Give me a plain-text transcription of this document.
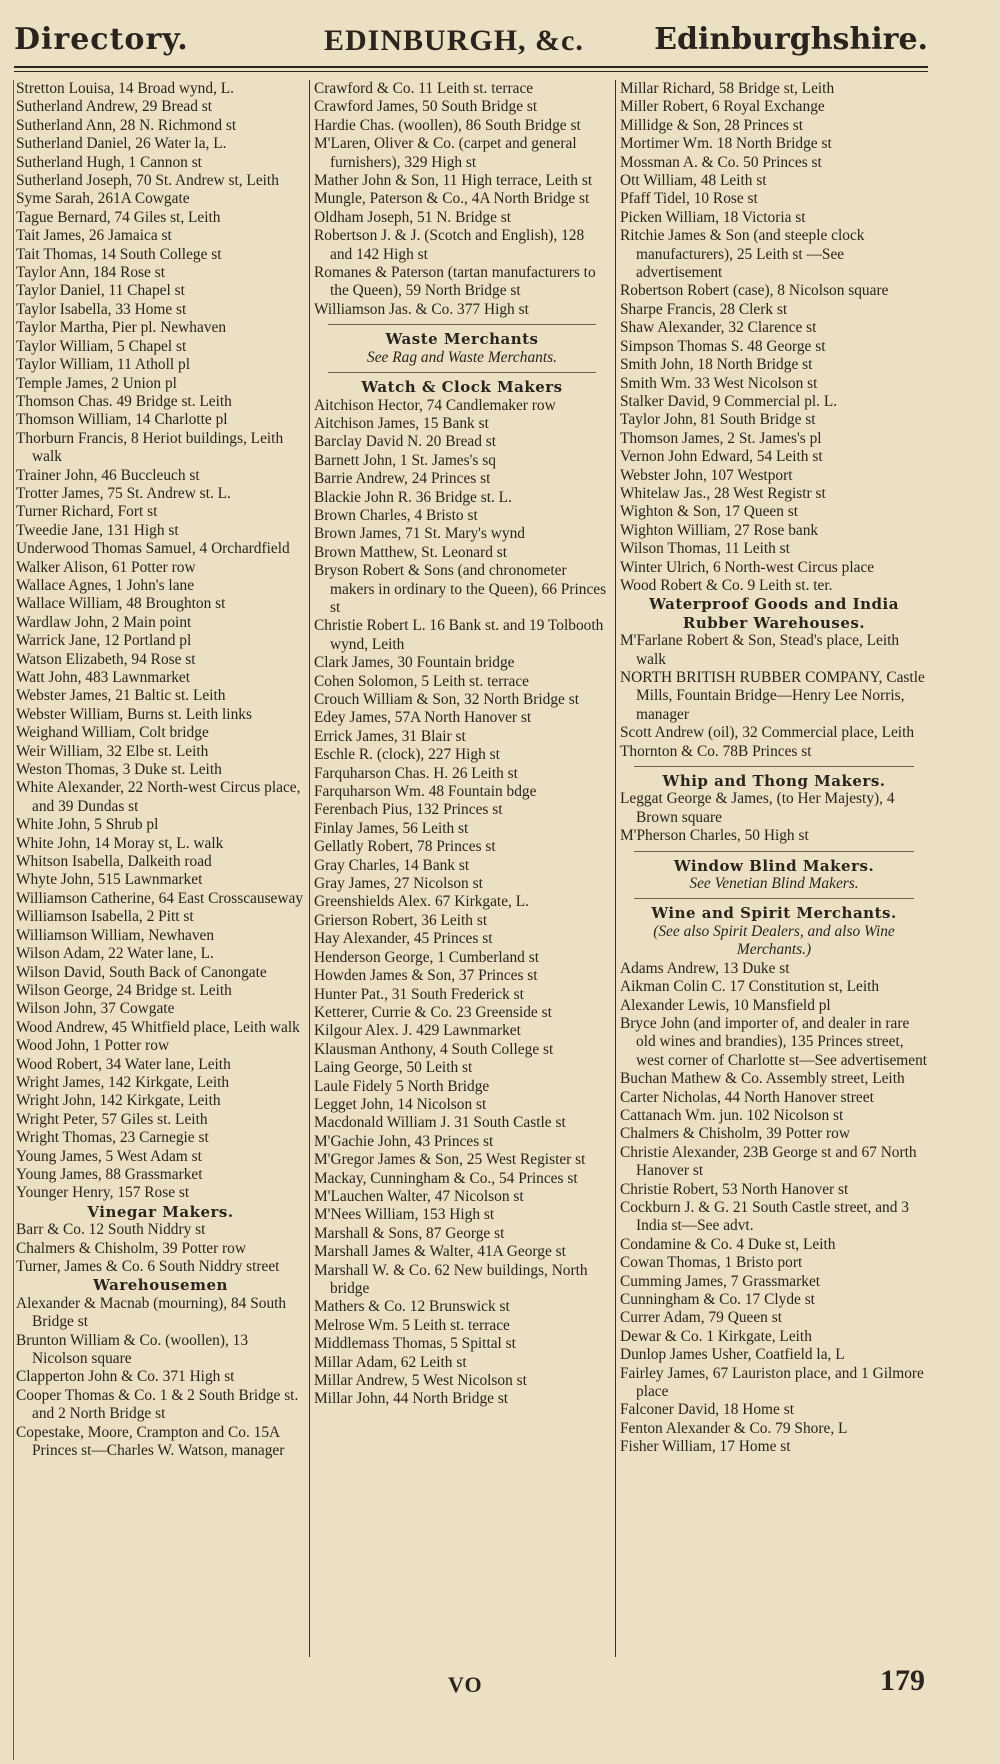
Directory.	EDINBURGH, &c. Edinburghshire.
Stretton Louisa, 14 Broad wynd, L.
Sutherland Andrew, 29 Bread st
Sutherland Ann, 28 N. Richmond st
Sutherland Daniel, 26 Water la, L.
Sutherland Hugh, 1 Cannon st
Sutherland Joseph, 70 St. Andrew st, Leith
Syme Sarah, 261A Cowgate
Tague Bernard, 74 Giles st, Leith
Tait James, 26 Jamaica st
Tait Thomas, 14 South College st
Taylor Ann, 184 Rose st
Taylor Daniel, 11 Chapel st
Taylor Isabella, 33 Home st
Taylor Martha, Pier pl. Newhaven
Taylor William, 5 Chapel st
Taylor William, 11 Atholl pl
Temple James, 2 Union pl
Thomson Chas. 49 Bridge st. Leith
Thomson William, 14 Charlotte pl
Thorburn Francis, 8 Heriot buildings, Leith walk
Trainer John, 46 Buccleuch st
Trotter James, 75 St. Andrew st. L.
Turner Richard, Fort st
Tweedie Jane, 131 High st
Underwood Thomas Samuel, 4 Orchardfield
Walker Alison, 61 Potter row
Wallace Agnes, 1 John's lane
Wallace William, 48 Broughton st
Wardlaw John, 2 Main point
Warrick Jane, 12 Portland pl
Watson Elizabeth, 94 Rose st
Watt John, 483 Lawnmarket
Webster James, 21 Baltic st. Leith
Webster William, Burns st. Leith links
Weighand William, Colt bridge
Weir William, 32 Elbe st. Leith
Weston Thomas, 3 Duke st. Leith
White Alexander, 22 North-west Circus place, and 39 Dundas st
White John, 5 Shrub pl
White John, 14 Moray st, L. walk
Whitson Isabella, Dalkeith road
Whyte John, 515 Lawnmarket
Williamson Catherine, 64 East Crosscauseway
Williamson Isabella, 2 Pitt st
Williamson William, Newhaven
Wilson Adam, 22 Water lane, L.
Wilson David, South Back of Canongate
Wilson George, 24 Bridge st. Leith
Wilson John, 37 Cowgate
Wood Andrew, 45 Whitfield place, Leith walk
Wood John, 1 Potter row
Wood Robert, 34 Water lane, Leith
Wright James, 142 Kirkgate, Leith
Wright John, 142 Kirkgate, Leith
Wright Peter, 57 Giles st. Leith
Wright Thomas, 23 Carnegie st
Young James, 5 West Adam st
Young James, 88 Grassmarket
Younger Henry, 157 Rose st
Vinegar Makers.
Barr & Co. 12 South Niddry st
Chalmers & Chisholm, 39 Potter row
Turner, James & Co. 6 South Niddry street
Warehousemen
Alexander & Macnab (mourning), 84 South Bridge st
Brunton William & Co. (woollen), 13 Nicolson square
Clapperton John & Co. 371 High st
Cooper Thomas & Co. 1 & 2 South Bridge st. and 2 North Bridge st
Copestake, Moore, Crampton and Co. 15A Princes st—Charles W. Watson, manager
Crawford & Co. 11 Leith st. terrace
Crawford James, 50 South Bridge st
Hardie Chas. (woollen), 86 South Bridge st
M'Laren, Oliver & Co. (carpet and general furnishers), 329 High st
Mather John & Son, 11 High terrace, Leith st
Mungle, Paterson & Co., 4A North Bridge st
Oldham Joseph, 51 N. Bridge st
Robertson J. & J. (Scotch and English), 128 and 142 High st
Romanes & Paterson (tartan manufacturers to the Queen), 59 North Bridge st
Williamson Jas. & Co. 377 High st
Waste Merchants
See Rag and Waste Merchants.
Watch & Clock Makers
Aitchison Hector, 74 Candlemaker row
Aitchison James, 15 Bank st
Barclay David N. 20 Bread st
Barnett John, 1 St. James's sq
Barrie Andrew, 24 Princes st
Blackie John R. 36 Bridge st. L.
Brown Charles, 4 Bristo st
Brown James, 71 St. Mary's wynd
Brown Matthew, St. Leonard st
Bryson Robert & Sons (and chronometer makers in ordinary to the Queen), 66 Princes st
Christie Robert L. 16 Bank st. and 19 Tolbooth wynd, Leith
Clark James, 30 Fountain bridge
Cohen Solomon, 5 Leith st. terrace
Crouch William & Son, 32 North Bridge st
Edey James, 57A North Hanover st
Errick James, 31 Blair st
Eschle R. (clock), 227 High st
Farquharson Chas. H. 26 Leith st
Farquharson Wm. 48 Fountain bdge
Ferenbach Pius, 132 Princes st
Finlay James, 56 Leith st
Gellatly Robert, 78 Princes st
Gray Charles, 14 Bank st
Gray James, 27 Nicolson st
Greenshields Alex. 67 Kirkgate, L.
Grierson Robert, 36 Leith st
Hay Alexander, 45 Princes st
Henderson George, 1 Cumberland st
Howden James & Son, 37 Princes st
Hunter Pat., 31 South Frederick st
Ketterer, Currie & Co. 23 Greenside st
Kilgour Alex. J. 429 Lawnmarket
Klausman Anthony, 4 South College st
Laing George, 50 Leith st
Laule Fidely 5 North Bridge
Legget John, 14 Nicolson st
Macdonald William J. 31 South Castle st
M'Gachie John, 43 Princes st
M'Gregor James & Son, 25 West Register st
Mackay, Cunningham & Co., 54 Princes st
M'Lauchen Walter, 47 Nicolson st
M'Nees William, 153 High st
Marshall & Sons, 87 George st
Marshall James & Walter, 41A George st
Marshall W. & Co. 62 New buildings, North bridge
Mathers & Co. 12 Brunswick st
Melrose Wm. 5 Leith st. terrace
Middlemass Thomas, 5 Spittal st
Millar Adam, 62 Leith st
Millar Andrew, 5 West Nicolson st
Millar John, 44 North Bridge st
Millar Richard, 58 Bridge st, Leith
Miller Robert, 6 Royal Exchange
Millidge & Son, 28 Princes st
Mortimer Wm. 18 North Bridge st
Mossman A. & Co. 50 Princes st
Ott William, 48 Leith st
Pfaff Tidel, 10 Rose st
Picken William, 18 Victoria st
Ritchie James & Son (and steeple clock manufacturers), 25 Leith st —See advertisement
Robertson Robert (case), 8 Nicolson square
Sharpe Francis, 28 Clerk st
Shaw Alexander, 32 Clarence st
Simpson Thomas S. 48 George st
Smith John, 18 North Bridge st
Smith Wm. 33 West Nicolson st
Stalker David, 9 Commercial pl. L.
Taylor John, 81 South Bridge st
Thomson James, 2 St. James's pl
Vernon John Edward, 54 Leith st
Webster John, 107 Westport
Whitelaw Jas., 28 West Registr st
Wighton & Son, 17 Queen st
Wighton William, 27 Rose bank
Wilson Thomas, 11 Leith st
Winter Ulrich, 6 North-west Circus place
Wood Robert & Co. 9 Leith st. ter.
Waterproof Goods and India Rubber Warehouses.
M'Farlane Robert & Son, Stead's place, Leith walk
NORTH BRITISH RUBBER COMPANY, Castle Mills, Fountain Bridge—Henry Lee Norris, manager
Scott Andrew (oil), 32 Commercial place, Leith
Thornton & Co. 78B Princes st
Whip and Thong Makers.
Leggat George & James, (to Her Majesty), 4 Brown square
M'Pherson Charles, 50 High st
Window Blind Makers.
See Venetian Blind Makers.
Wine and Spirit Merchants.
(See also Spirit Dealers, and also Wine Merchants.)
Adams Andrew, 13 Duke st
Aikman Colin C. 17 Constitution st, Leith
Alexander Lewis, 10 Mansfield pl
Bryce John (and importer of, and dealer in rare old wines and brandies), 135 Princes street, west corner of Charlotte st—See advertisement
Buchan Mathew & Co. Assembly street, Leith
Carter Nicholas, 44 North Hanover street
Cattanach Wm. jun. 102 Nicolson st
Chalmers & Chisholm, 39 Potter row
Christie Alexander, 23B George st and 67 North Hanover st
Christie Robert, 53 North Hanover st
Cockburn J. & G. 21 South Castle street, and 3 India st—See advt.
Condamine & Co. 4 Duke st, Leith
Cowan Thomas, 1 Bristo port
Cumming James, 7 Grassmarket
Cunningham & Co. 17 Clyde st
Currer Adam, 79 Queen st
Dewar & Co. 1 Kirkgate, Leith
Dunlop James Usher, Coatfield la, L
Fairley James, 67 Lauriston place, and 1 Gilmore place
Falconer David, 18 Home st
Fenton Alexander & Co. 79 Shore, L
Fisher William, 17 Home st
VO	179
